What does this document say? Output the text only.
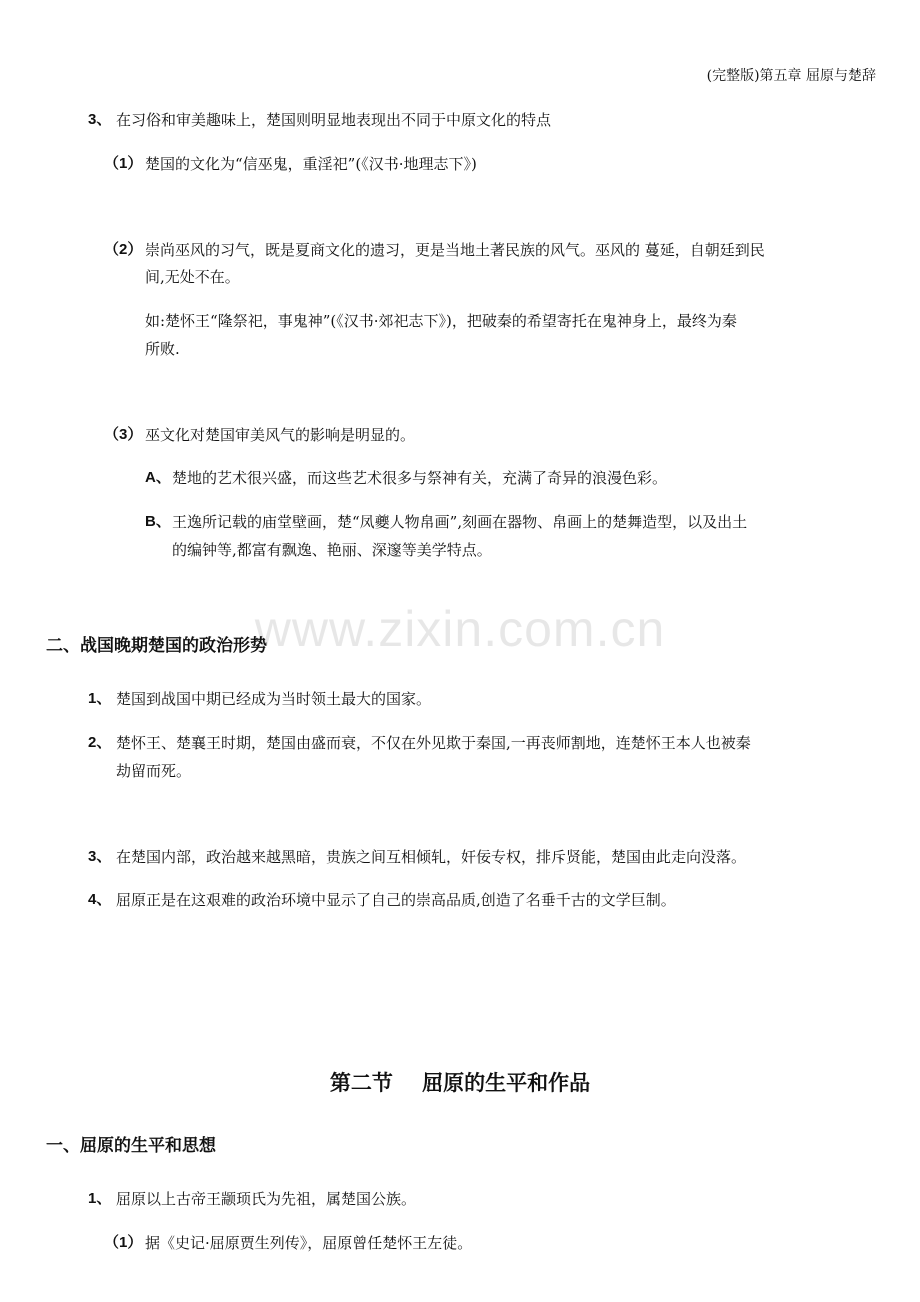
(完整版)第五章 屈原与楚辞
3、 在习俗和审美趣味上，楚国则明显地表现出不同于中原文化的特点
（1） 楚国的文化为“信巫鬼，重淫祀”(《汉书·地理志下》)
（2） 崇尚巫风的习气，既是夏商文化的遗习，更是当地土著民族的风气。巫风的 蔓延，自朝廷到民
间,无处不在。
如:楚怀王“隆祭祀，事鬼神”(《汉书·郊祀志下》)，把破秦的希望寄托在鬼神身上，最终为秦
所败.
（3） 巫文化对楚国审美风气的影响是明显的。
A、 楚地的艺术很兴盛，而这些艺术很多与祭神有关，充满了奇异的浪漫色彩。
B、 王逸所记载的庙堂壁画，楚“凤夔人物帛画”,刻画在器物、帛画上的楚舞造型，以及出土
的编钟等,都富有飘逸、艳丽、深邃等美学特点。
www.zixin.com.cn
二、战国晚期楚国的政治形势
1、 楚国到战国中期已经成为当时领土最大的国家。
2、 楚怀王、楚襄王时期，楚国由盛而衰，不仅在外见欺于秦国,一再丧师割地，连楚怀王本人也被秦
劫留而死。
3、 在楚国内部，政治越来越黑暗，贵族之间互相倾轧，奸佞专权，排斥贤能，楚国由此走向没落。
4、 屈原正是在这艰难的政治环境中显示了自己的崇高品质,创造了名垂千古的文学巨制。
第二节    屈原的生平和作品
一、屈原的生平和思想
1、 屈原以上古帝王颛顼氏为先祖，属楚国公族。
（1） 据《史记·屈原贾生列传》，屈原曾任楚怀王左徒。
